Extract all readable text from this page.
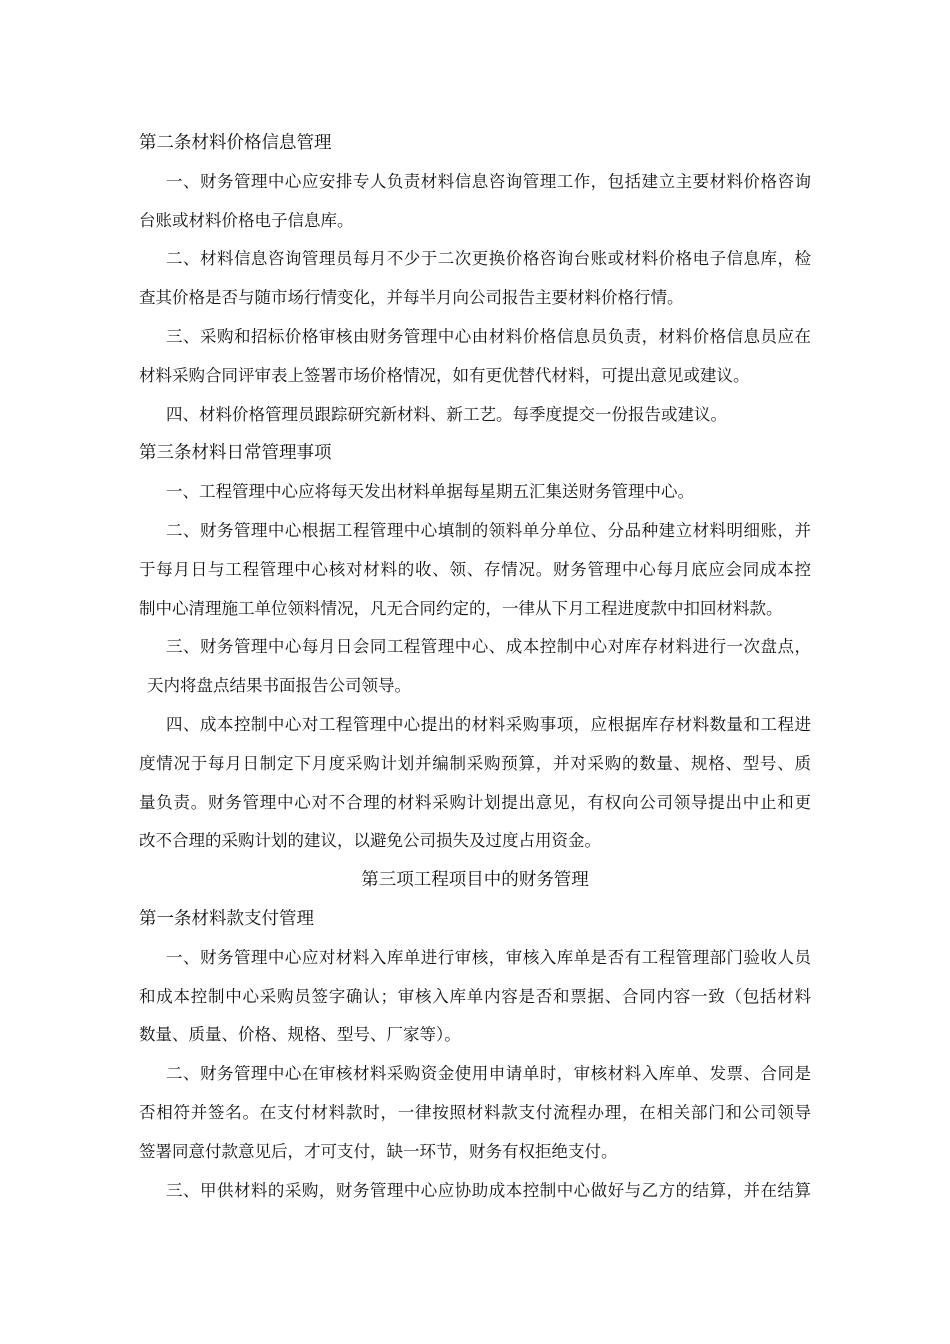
第二条材料价格信息管理
一、财务管理中心应安排专人负责材料信息咨询管理工作，包括建立主要材料价格咨询
台账或材料价格电子信息库。
二、材料信息咨询管理员每月不少于二次更换价格咨询台账或材料价格电子信息库，检
查其价格是否与随市场行情变化，并每半月向公司报告主要材料价格行情。
三、采购和招标价格审核由财务管理中心由材料价格信息员负责，材料价格信息员应在
材料采购合同评审表上签署市场价格情况，如有更优替代材料，可提出意见或建议。
四、材料价格管理员跟踪研究新材料、新工艺。每季度提交一份报告或建议。
第三条材料日常管理事项
一、工程管理中心应将每天发出材料单据每星期五汇集送财务管理中心。
二、财务管理中心根据工程管理中心填制的领料单分单位、分品种建立材料明细账，并
于每月日与工程管理中心核对材料的收、领、存情况。财务管理中心每月底应会同成本控
制中心清理施工单位领料情况，凡无合同约定的，一律从下月工程进度款中扣回材料款。
三、财务管理中心每月日会同工程管理中心、成本控制中心对库存材料进行一次盘点，
天内将盘点结果书面报告公司领导。
四、成本控制中心对工程管理中心提出的材料采购事项，应根据库存材料数量和工程进
度情况于每月日制定下月度采购计划并编制采购预算，并对采购的数量、规格、型号、质
量负责。财务管理中心对不合理的材料采购计划提出意见，有权向公司领导提出中止和更
改不合理的采购计划的建议，以避免公司损失及过度占用资金。
第三项工程项目中的财务管理
第一条材料款支付管理
一、财务管理中心应对材料入库单进行审核，审核入库单是否有工程管理部门验收人员
和成本控制中心采购员签字确认；审核入库单内容是否和票据、合同内容一致（包括材料
数量、质量、价格、规格、型号、厂家等）。
二、财务管理中心在审核材料采购资金使用申请单时，审核材料入库单、发票、合同是
否相符并签名。在支付材料款时，一律按照材料款支付流程办理，在相关部门和公司领导
签署同意付款意见后，才可支付，缺一环节，财务有权拒绝支付。
三、甲供材料的采购，财务管理中心应协助成本控制中心做好与乙方的结算，并在结算
